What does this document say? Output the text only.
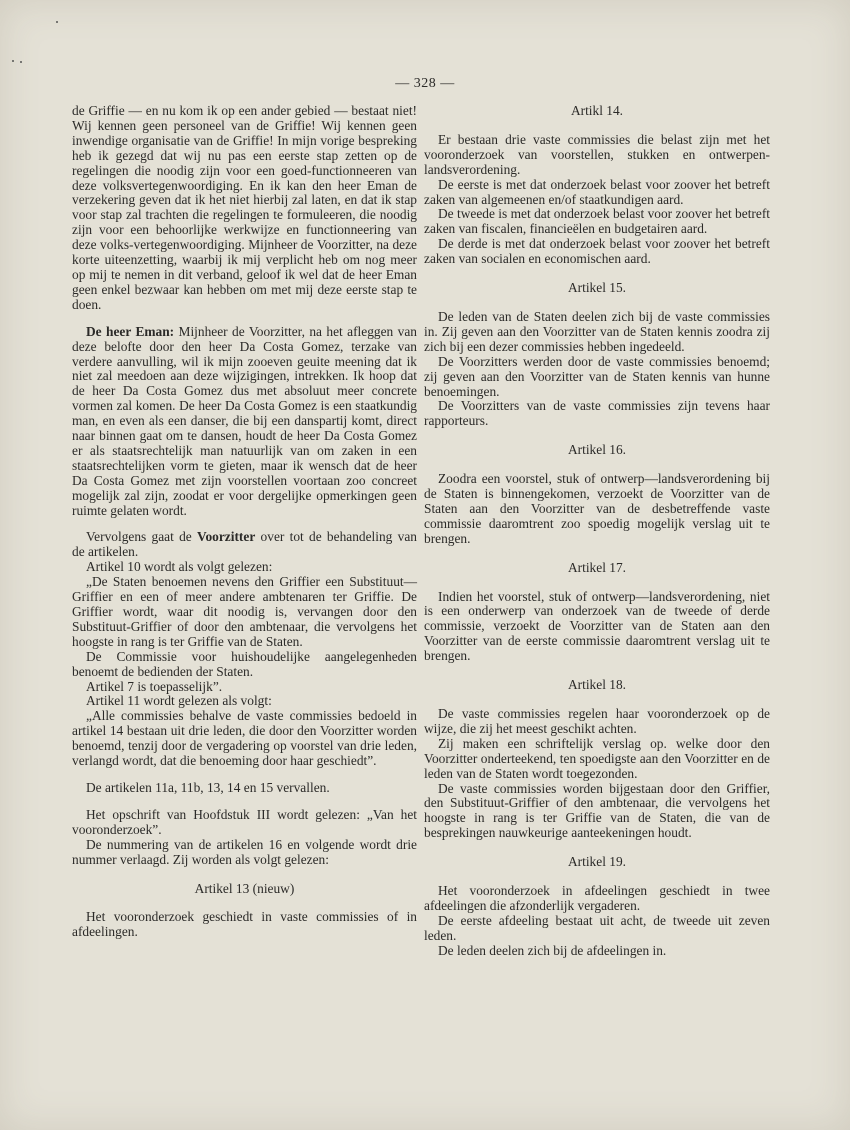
— 328 —

de Griffie — en nu kom ik op een ander gebied — bestaat niet! Wij kennen geen personeel van de Griffie! Wij kennen geen inwendige organisatie van de Griffie! In mijn vorige bespreking heb ik gezegd dat wij nu pas een eerste stap zetten op de regelingen die noodig zijn voor een goed-functionneeren van deze volksvertegenwoordiging. En ik kan den heer Eman de verzekering geven dat ik het niet hierbij zal laten, en dat ik stap voor stap zal trachten die regelingen te formuleeren, die noodig zijn voor een behoorlijke werkwijze en functionneering van deze volks-vertegenwoordiging. Mijnheer de Voorzitter, na deze korte uiteenzetting, waarbij ik mij verplicht heb om nog meer op mij te nemen in dit verband, geloof ik wel dat de heer Eman geen enkel bezwaar kan hebben om met mij deze eerste stap te doen.

De heer Eman: Mijnheer de Voorzitter, na het afleggen van deze belofte door den heer Da Costa Gomez, terzake van verdere aanvulling, wil ik mijn zooeven geuite meening dat ik niet zal meedoen aan deze wijzigingen, intrekken. Ik hoop dat de heer Da Costa Gomez dus met absoluut meer concrete vormen zal komen. De heer Da Costa Gomez is een staatkundig man, en even als een danser, die bij een danspartij komt, direct naar binnen gaat om te dansen, houdt de heer Da Costa Gomez er als staatsrechtelijk man natuurlijk van om zaken in een staatsrechtelijken vorm te gieten, maar ik wensch dat de heer Da Costa Gomez met zijn voorstellen voortaan zoo concreet mogelijk zal zijn, zoodat er voor dergelijke opmerkingen geen ruimte gelaten wordt.

Vervolgens gaat de Voorzitter over tot de behandeling van de artikelen.

Artikel 10 wordt als volgt gelezen:

„De Staten benoemen nevens den Griffier een Substituut—Griffier en een of meer andere ambtenaren ter Griffie. De Griffier wordt, waar dit noodig is, vervangen door den Substituut-Griffier of door den ambtenaar, die vervolgens het hoogste in rang is ter Griffie van de Staten.

De Commissie voor huishoudelijke aangelegenheden benoemt de bedienden der Staten.

Artikel 7 is toepasselijk”.

Artikel 11 wordt gelezen als volgt:

„Alle commissies behalve de vaste commissies bedoeld in artikel 14 bestaan uit drie leden, die door den Voorzitter worden benoemd, tenzij door de vergadering op voorstel van drie leden, verlangd wordt, dat die benoeming door haar geschiedt”.

De artikelen 11a, 11b, 13, 14 en 15 vervallen.

Het opschrift van Hoofdstuk III wordt gelezen: „Van het vooronderzoek”.

De nummering van de artikelen 16 en volgende wordt drie nummer verlaagd. Zij worden als volgt gelezen:

Artikel 13 (nieuw)

Het vooronderzoek geschiedt in vaste commissies of in afdeelingen.

Artikl 14.

Er bestaan drie vaste commissies die belast zijn met het vooronderzoek van voorstellen, stukken en ontwerpen-landsverordening.

De eerste is met dat onderzoek belast voor zoover het betreft zaken van algemeenen en/of staatkundigen aard.

De tweede is met dat onderzoek belast voor zoover het betreft zaken van fiscalen, financieëlen en budgetairen aard.

De derde is met dat onderzoek belast voor zoover het betreft zaken van socialen en economischen aard.

Artikel 15.

De leden van de Staten deelen zich bij de vaste commissies in. Zij geven aan den Voorzitter van de Staten kennis zoodra zij zich bij een dezer commissies hebben ingedeeld.

De Voorzitters werden door de vaste commissies benoemd; zij geven aan den Voorzitter van de Staten kennis van hunne benoemingen.

De Voorzitters van de vaste commissies zijn tevens haar rapporteurs.

Artikel 16.

Zoodra een voorstel, stuk of ontwerp—landsverordening bij de Staten is binnengekomen, verzoekt de Voorzitter van de Staten aan den Voorzitter van de desbetreffende vaste commissie daaromtrent zoo spoedig mogelijk verslag uit te brengen.

Artikel 17.

Indien het voorstel, stuk of ontwerp—landsverordening, niet is een onderwerp van onderzoek van de tweede of derde commissie, verzoekt de Voorzitter van de Staten aan den Voorzitter van de eerste commissie daaromtrent verslag uit te brengen.

Artikel 18.

De vaste commissies regelen haar vooronderzoek op de wijze, die zij het meest geschikt achten.

Zij maken een schriftelijk verslag op. welke door den Voorzitter onderteekend, ten spoedigste aan den Voorzitter en de leden van de Staten wordt toegezonden.

De vaste commissies worden bijgestaan door den Griffier, den Substituut-Griffier of den ambtenaar, die vervolgens het hoogste in rang is ter Griffie van de Staten, die van de besprekingen nauwkeurige aanteekeningen houdt.

Artikel 19.

Het vooronderzoek in afdeelingen geschiedt in twee afdeelingen die afzonderlijk vergaderen.

De eerste afdeeling bestaat uit acht, de tweede uit zeven leden.

De leden deelen zich bij de afdeelingen in.
